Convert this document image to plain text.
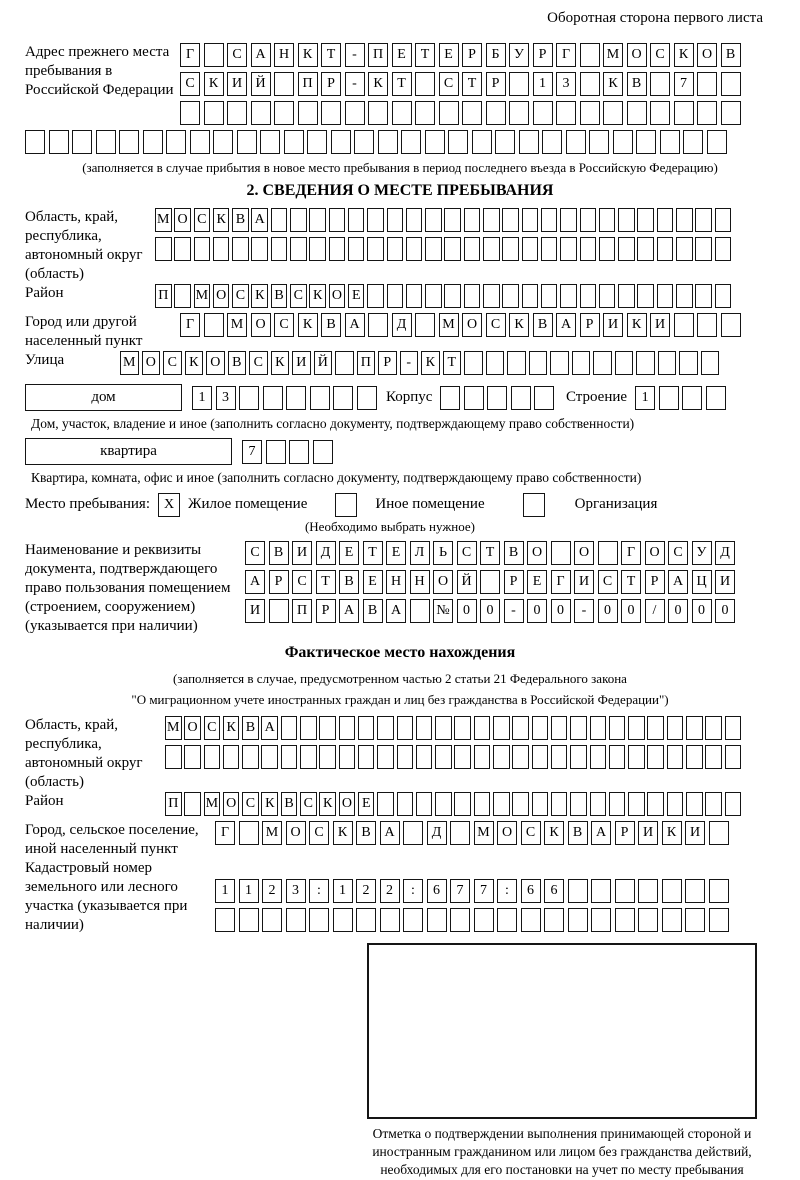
Оборотная сторона первого листа
Адрес прежнего места пребывания в Российской Федерации
Г	С А Н К	Т	-	П	Е	Т	Е	Р	Б	У	Р	Г	М О С	К О В
С	К И Й	П	Р	-	К	Т	С	Т	Р	1	3	К	В	7
(заполняется в случае прибытия в новое место пребывания в период последнего въезда в Российскую Федерацию)
2. СВЕДЕНИЯ О МЕСТЕ ПРЕБЫВАНИЯ
Область, край, республика, автономный округ (область)
М О С К В А
Район	П М О С К В С К О Е
Город или другой населенный пункт
Г	М О С	К	В А	Д	М О С	К	В А	Р	И К И
Улица	М О С К О В С К И Й П Р	-	К Т
дом	1	3	Корпус	Строение	1
Дом, участок, владение и иное (заполнить согласно документу, подтверждающему право собственности)
квартира	7
Квартира, комната, офис и иное (заполнить согласно документу, подтверждающему право собственности)
Место пребывания: X Жилое помещение	Иное помещение	Организация
(Необходимо выбрать нужное)
Наименование и реквизиты документа, подтверждающего право пользования помещением (строением, сооружением) (указывается при наличии)
С	В И Д	Е	Т	Е	Л	Ь	С	Т	В О	О	Г	О С У Д
А	Р	С	Т	В	Е	Н Н О Й	Р	Е	Г	И С	Т	Р	А Ц И
И	П	Р	А В А	№ 0	0	-	0	0	-	0	0	/	0	0	0
Фактическое место нахождения
(заполняется в случае, предусмотренном частью 2 статьи 21 Федерального закона
"О миграционном учете иностранных граждан и лиц без гражданства в Российской Федерации")
Область, край, республика, автономный округ (область)
М О С К В А
Район	П М О С К В С К О Е
Город, сельское поселение, иной населенный пункт
Г	М О С	К	В А	Д	М О С	К	В А	Р	И К И
Кадастровый номер земельного или лесного участка (указывается при наличии)
1	1	2	3	:	1	2	2	:	6	7	7	:	6	6
Отметка о подтверждении выполнения принимающей стороной и иностранным гражданином или лицом без гражданства действий, необходимых для его постановки на учет по месту пребывания
